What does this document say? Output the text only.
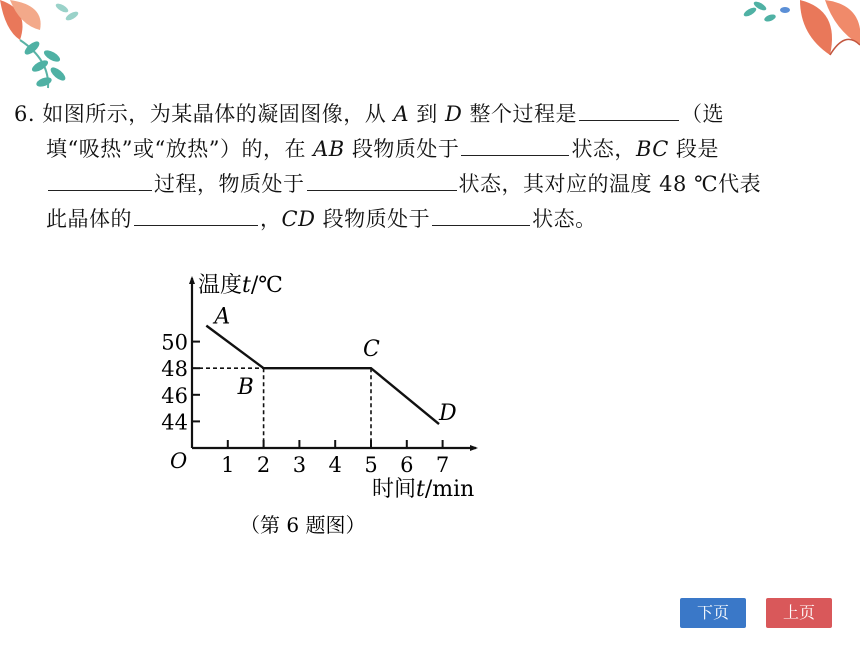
6. 如图所示，为某晶体的凝固图像，从 A 到 D 整个过程是	（选
填“吸热”或“放热”）的，在 AB 段物质处于	状态，BC 段是
过程，物质处于	状态，其对应的温度 48 ℃代表
此晶体的	，CD 段物质处于	状态。
温度t/℃
时间t/min
O 1 2 3 4 5 6 7
44
46
48
50
A
B
C
D
（第 6 题图）
下页	上页
